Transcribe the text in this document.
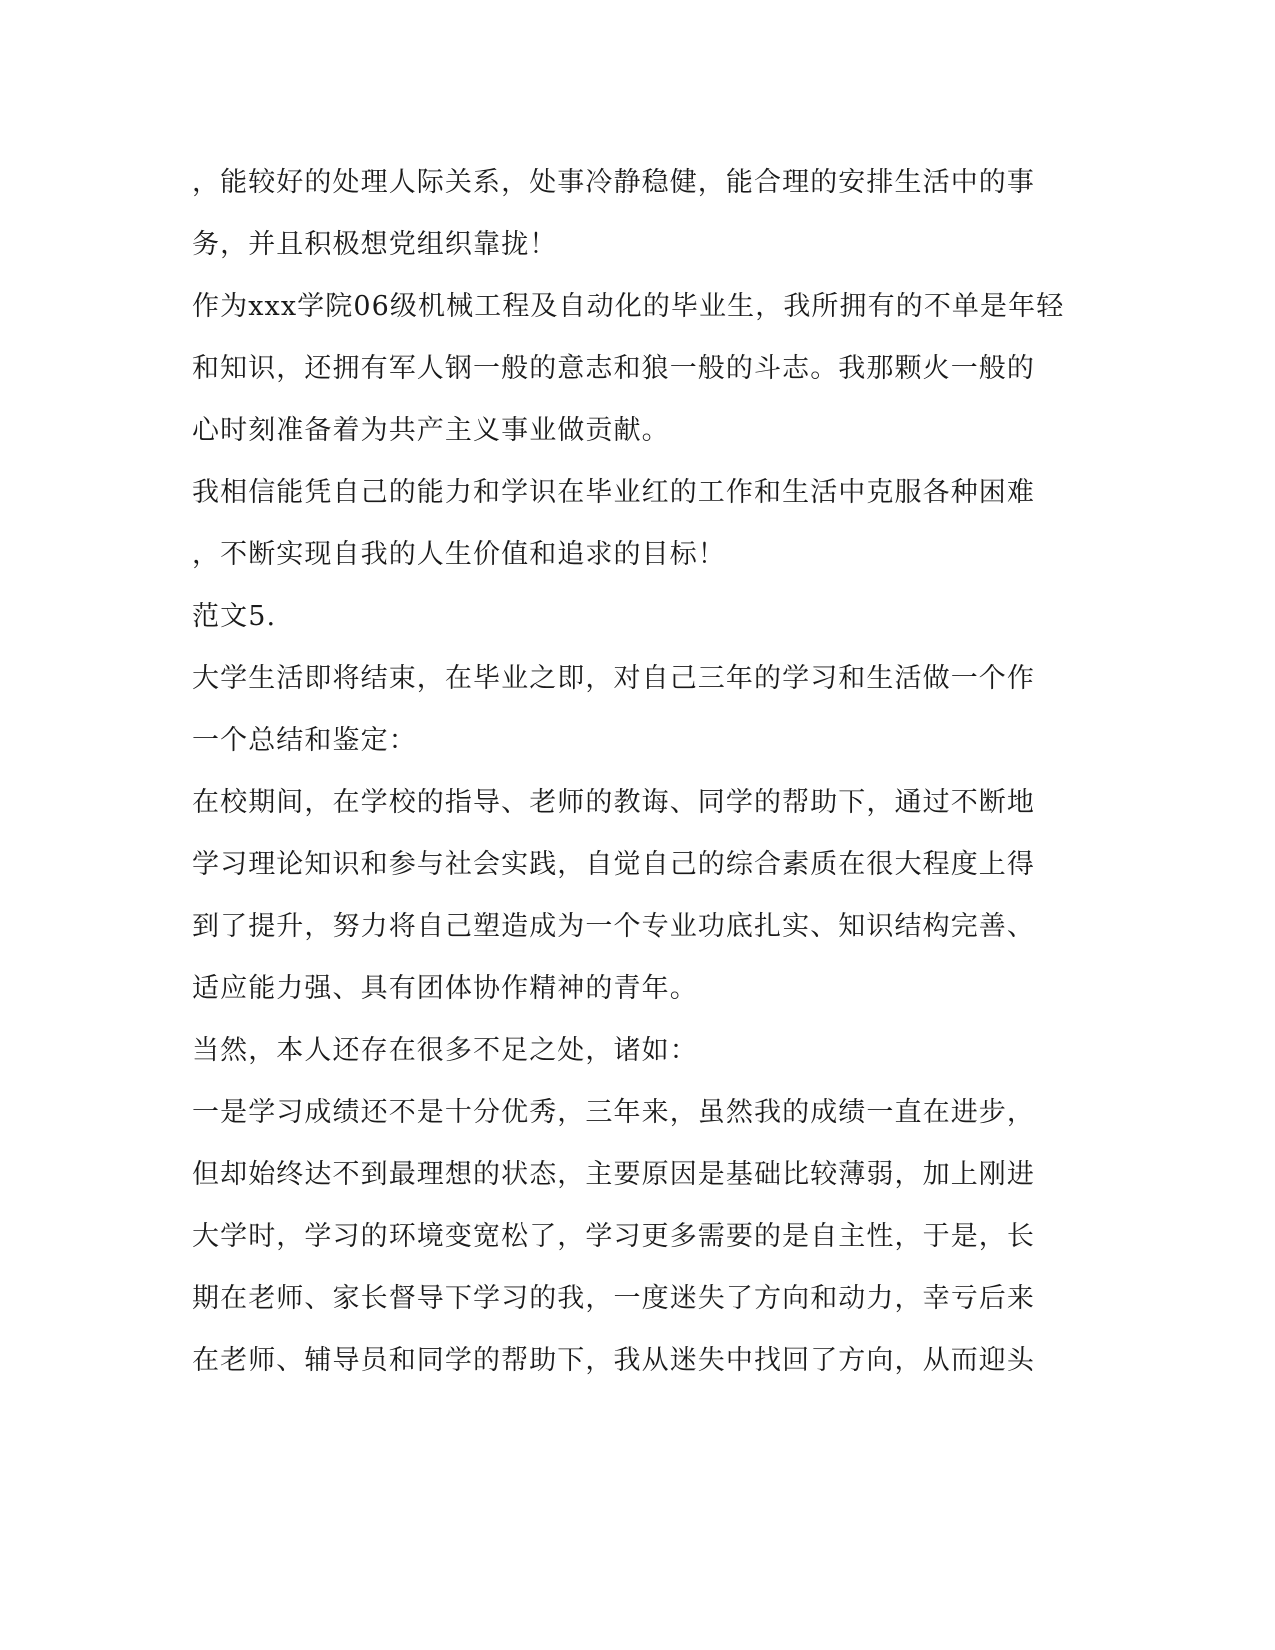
，能较好的处理人际关系，处事冷静稳健，能合理的安排生活中的事
务，并且积极想党组织靠拢！
作为xxx学院06级机械工程及自动化的毕业生，我所拥有的不单是年轻
和知识，还拥有军人钢一般的意志和狼一般的斗志。我那颗火一般的
心时刻准备着为共产主义事业做贡献。
我相信能凭自己的能力和学识在毕业红的工作和生活中克服各种困难
，不断实现自我的人生价值和追求的目标！
范文5.
大学生活即将结束，在毕业之即，对自己三年的学习和生活做一个作
一个总结和鉴定：
在校期间，在学校的指导、老师的教诲、同学的帮助下，通过不断地
学习理论知识和参与社会实践，自觉自己的综合素质在很大程度上得
到了提升，努力将自己塑造成为一个专业功底扎实、知识结构完善、
适应能力强、具有团体协作精神的青年。
当然，本人还存在很多不足之处，诸如：
一是学习成绩还不是十分优秀，三年来，虽然我的成绩一直在进步，
但却始终达不到最理想的状态，主要原因是基础比较薄弱，加上刚进
大学时，学习的环境变宽松了，学习更多需要的是自主性，于是，长
期在老师、家长督导下学习的我，一度迷失了方向和动力，幸亏后来
在老师、辅导员和同学的帮助下，我从迷失中找回了方向，从而迎头
